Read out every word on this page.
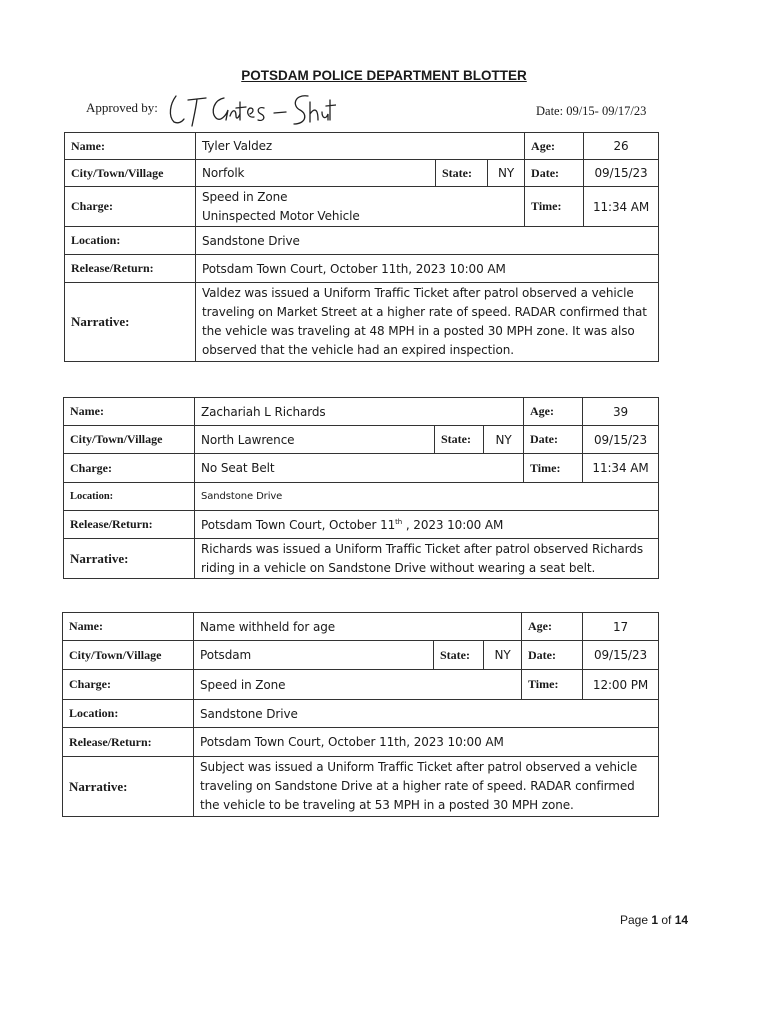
POTSDAM POLICE DEPARTMENT BLOTTER
Approved by:	Date: 09/15- 09/17/23
Name:	Tyler Valdez			Age:	26
City/Town/Village	Norfolk	State:	NY	Date:	09/15/23
Charge:	Speed in Zone
Uninspected Motor Vehicle			Time:	11:34 AM
Location:	Sandstone Drive				
Release/Return:	Potsdam Town Court, October 11th, 2023 10:00 AM				
Narrative:	Valdez was issued a Uniform Traffic Ticket after patrol observed a vehicle traveling on Market Street at a higher rate of speed. RADAR confirmed that the vehicle was traveling at 48 MPH in a posted 30 MPH zone. It was also observed that the vehicle had an expired inspection.				
Name:	Zachariah L Richards			Age:	39
City/Town/Village	North Lawrence	State:	NY	Date:	09/15/23
Charge:	No Seat Belt			Time:	11:34 AM
Location:	Sandstone Drive				
Release/Return:	Potsdam Town Court, October 11th , 2023 10:00 AM				
Narrative:	Richards was issued a Uniform Traffic Ticket after patrol observed Richards riding in a vehicle on Sandstone Drive without wearing a seat belt.				
Name:	Name withheld for age			Age:	17
City/Town/Village	Potsdam	State:	NY	Date:	09/15/23
Charge:	Speed in Zone			Time:	12:00 PM
Location:	Sandstone Drive				
Release/Return:	Potsdam Town Court, October 11th, 2023 10:00 AM				
Narrative:	Subject was issued a Uniform Traffic Ticket after patrol observed a vehicle traveling on Sandstone Drive at a higher rate of speed. RADAR confirmed the vehicle to be traveling at 53 MPH in a posted 30 MPH zone.				
Page 1 of 14
